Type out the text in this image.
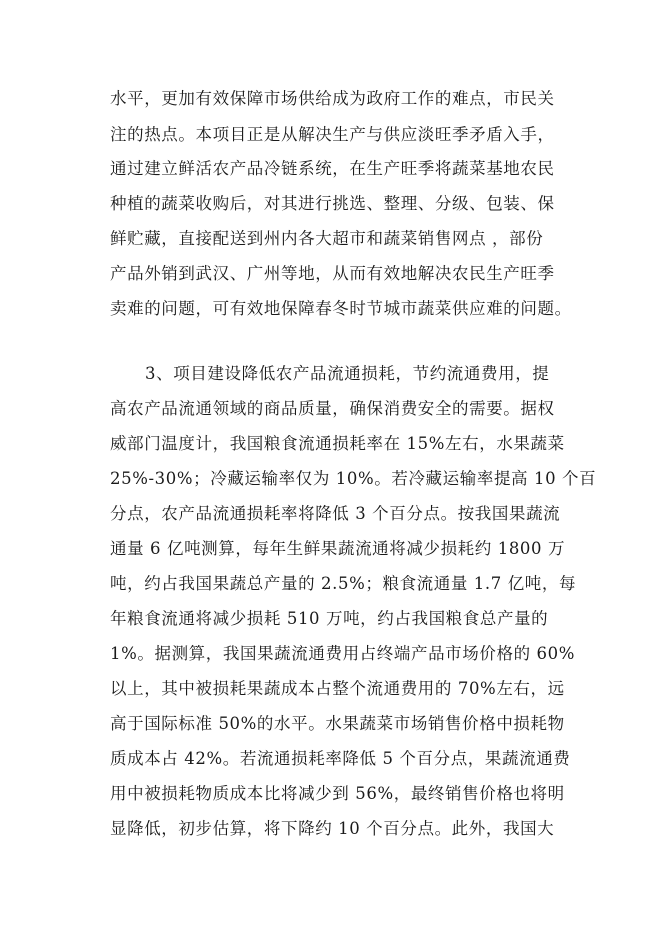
水平，更加有效保障市场供给成为政府工作的难点，市民关
注的热点。本项目正是从解决生产与供应淡旺季矛盾入手，
通过建立鲜活农产品冷链系统，在生产旺季将蔬菜基地农民
种植的蔬菜收购后，对其进行挑选、整理、分级、包装、保
鲜贮藏，直接配送到州内各大超市和蔬菜销售网点 ，部份
产品外销到武汉、广州等地，从而有效地解决农民生产旺季
卖难的问题，可有效地保障春冬时节城市蔬菜供应难的问题。
3、项目建设降低农产品流通损耗，节约流通费用，提
高农产品流通领域的商品质量，确保消费安全的需要。据权
威部门温度计，我国粮食流通损耗率在 15%左右，水果蔬菜
25%-30%；冷藏运输率仅为 10%。若冷藏运输率提高 10 个百
分点，农产品流通损耗率将降低 3 个百分点。按我国果蔬流
通量 6 亿吨测算，每年生鲜果蔬流通将减少损耗约 1800 万
吨，约占我国果蔬总产量的 2.5%；粮食流通量 1.7 亿吨，每
年粮食流通将减少损耗 510 万吨，约占我国粮食总产量的
1%。据测算，我国果蔬流通费用占终端产品市场价格的 60%
以上，其中被损耗果蔬成本占整个流通费用的 70%左右，远
高于国际标准 50%的水平。水果蔬菜市场销售价格中损耗物
质成本占 42%。若流通损耗率降低 5 个百分点，果蔬流通费
用中被损耗物质成本比将减少到 56%，最终销售价格也将明
显降低，初步估算，将下降约 10 个百分点。此外，我国大
